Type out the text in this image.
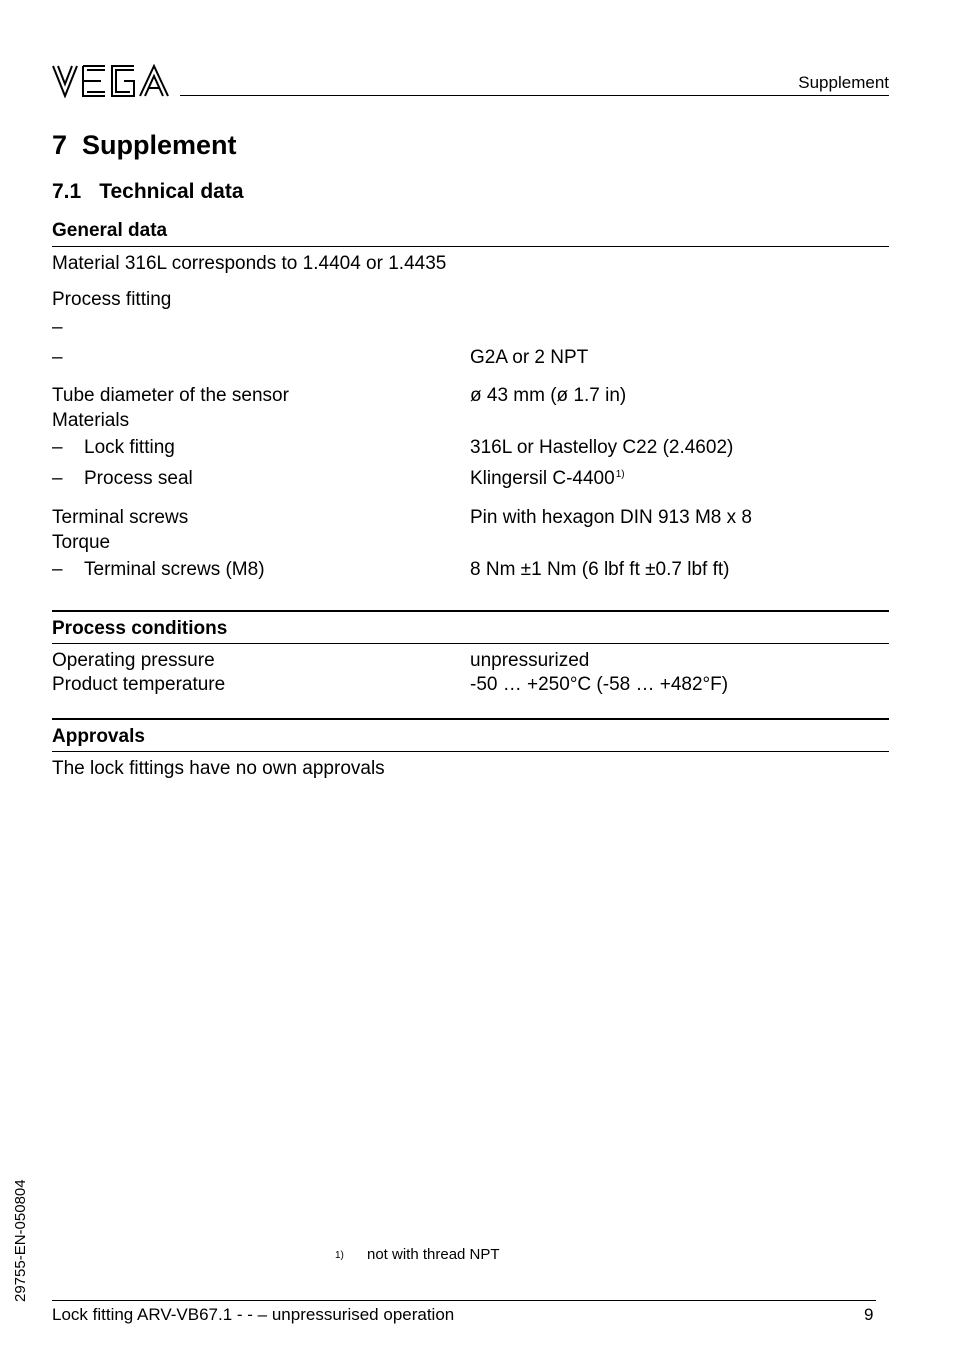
Supplement
7 Supplement
7.1 Technical data
General data
Material 316L corresponds to 1.4404 or 1.4435
Process fitting
–
–	G2A or 2 NPT
Tube diameter of the sensor	ø 43 mm (ø 1.7 in)
Materials
– Lock fitting	316L or Hastelloy C22 (2.4602)
– Process seal	Klingersil C-4400$^{1)}$
Terminal screws	Pin with hexagon DIN 913 M8 x 8
Torque
– Terminal screws (M8)	8 Nm ±1 Nm (6 lbf ft ±0.7 lbf ft)
Process conditions
Operating pressure	unpressurized
Product temperature	-50 … +250°C (-58 … +482°F)
Approvals
The lock fittings have no own approvals
1) not with thread NPT
29755-EN-050804
Lock fitting ARV-VB67.1 - - – unpressurised operation	9
